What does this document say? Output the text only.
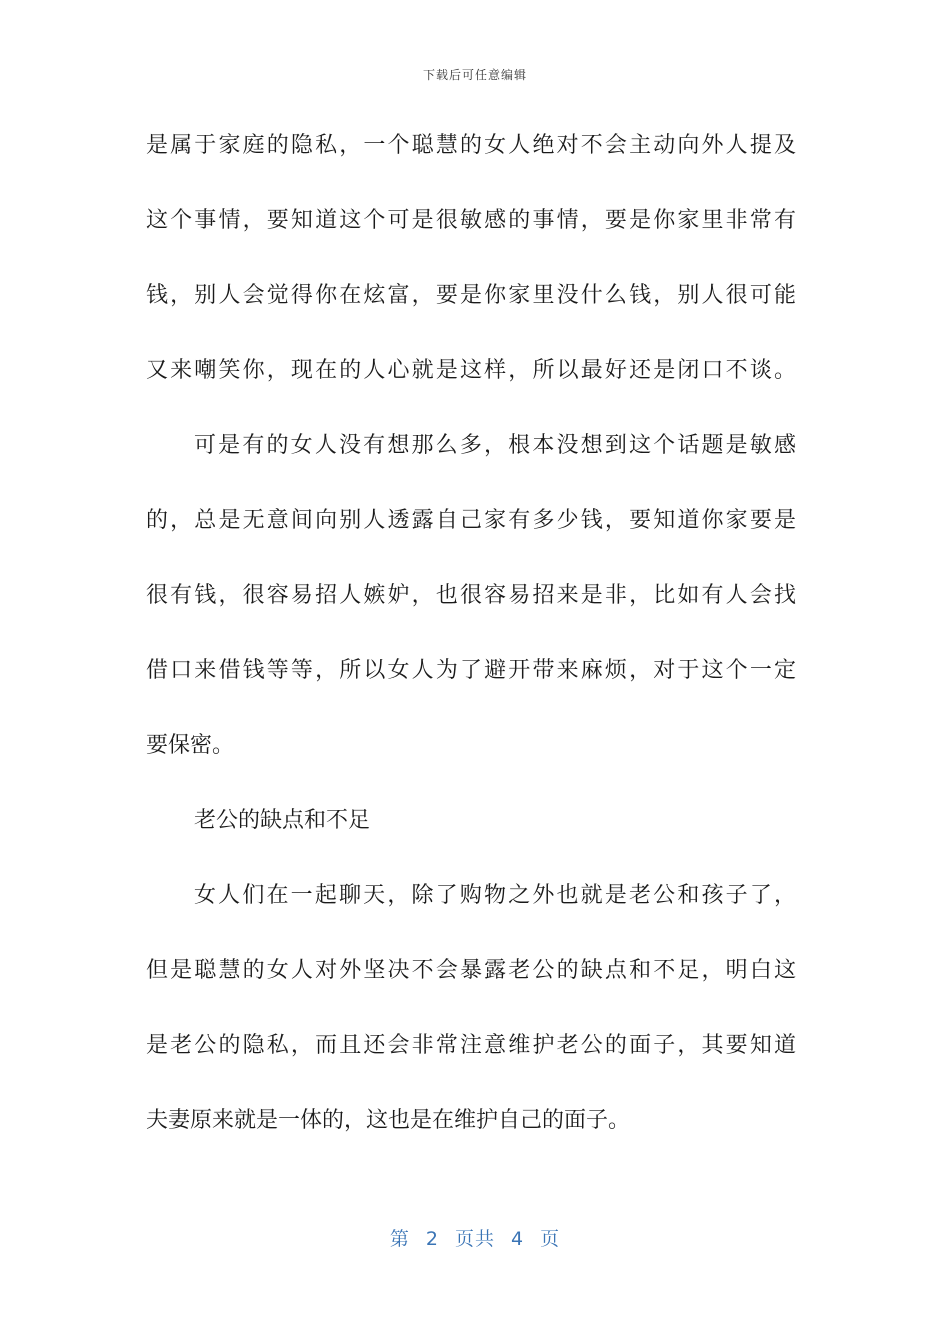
下载后可任意编辑
是属于家庭的隐私，一个聪慧的女人绝对不会主动向外人提及
这个事情，要知道这个可是很敏感的事情，要是你家里非常有
钱，别人会觉得你在炫富，要是你家里没什么钱，别人很可能
又来嘲笑你，现在的人心就是这样，所以最好还是闭口不谈。
可是有的女人没有想那么多，根本没想到这个话题是敏感
的，总是无意间向别人透露自己家有多少钱，要知道你家要是
很有钱，很容易招人嫉妒，也很容易招来是非，比如有人会找
借口来借钱等等，所以女人为了避开带来麻烦，对于这个一定
要保密。
老公的缺点和不足
女人们在一起聊天，除了购物之外也就是老公和孩子了，
但是聪慧的女人对外坚决不会暴露老公的缺点和不足，明白这
是老公的隐私，而且还会非常注意维护老公的面子，其要知道
夫妻原来就是一体的，这也是在维护自己的面子。
第 2 页共 4 页
